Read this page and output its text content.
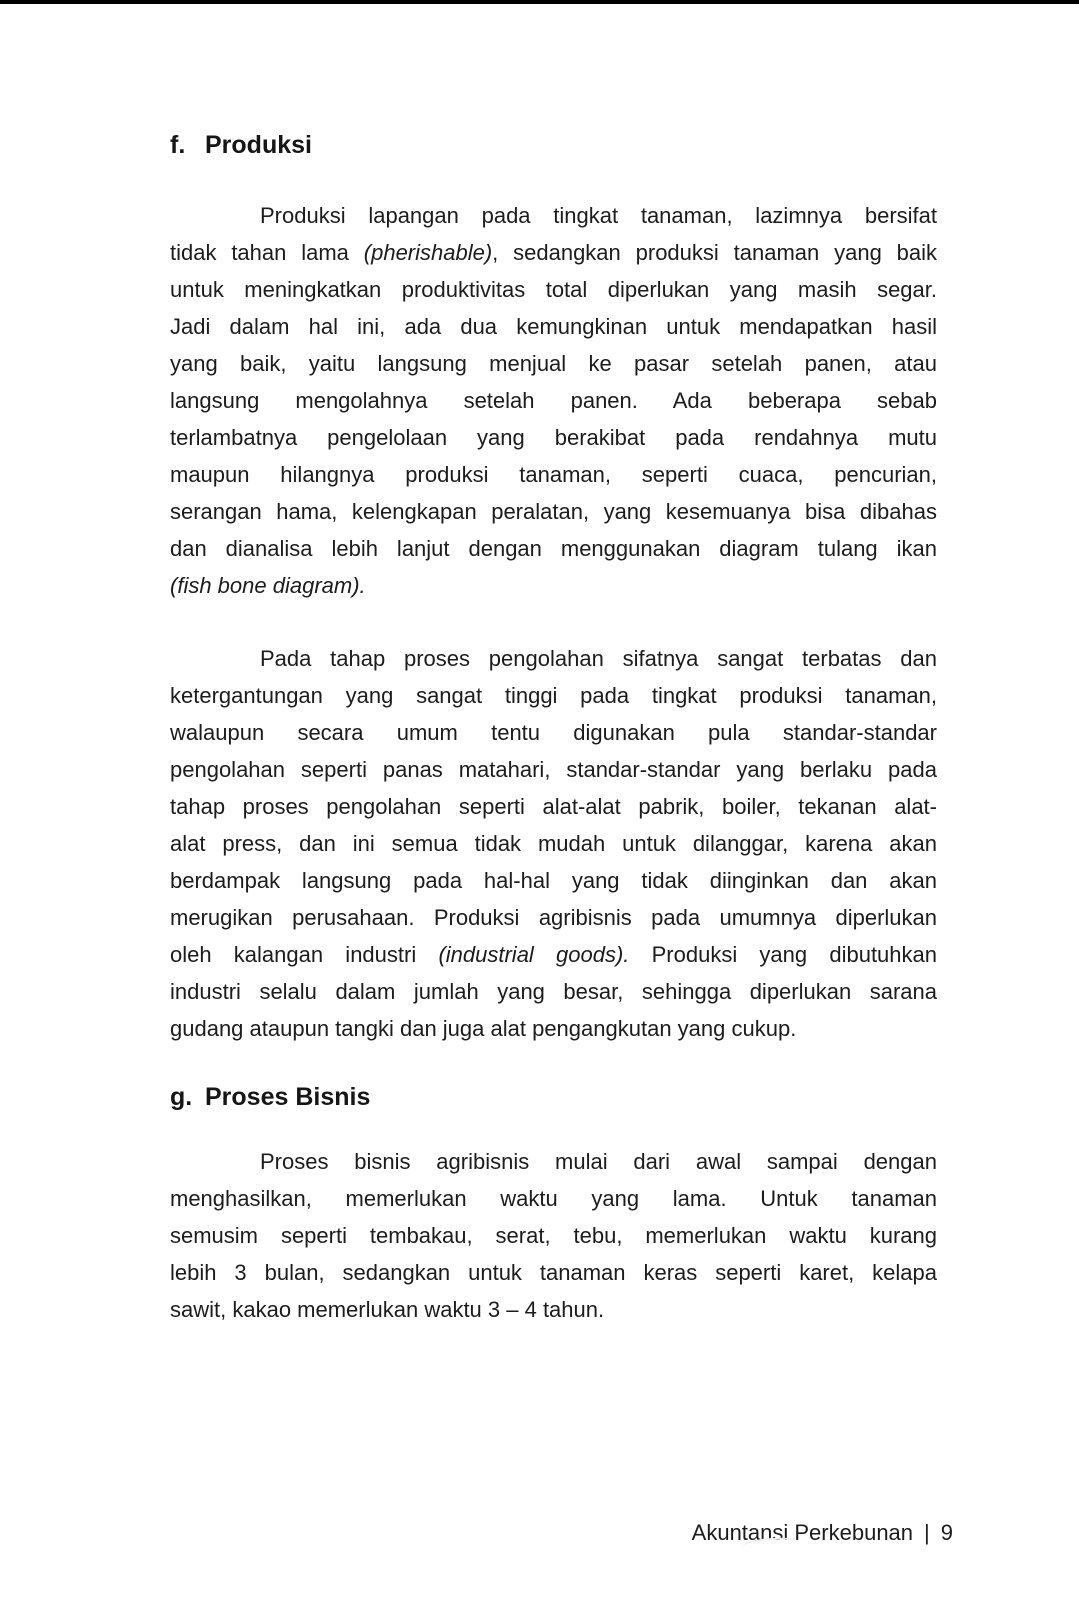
f. Produksi
Produksi lapangan pada tingkat tanaman, lazimnya bersifat
tidak tahan lama (pherishable), sedangkan produksi tanaman yang baik
untuk meningkatkan produktivitas total diperlukan yang masih segar.
Jadi dalam hal ini, ada dua kemungkinan untuk mendapatkan hasil
yang baik, yaitu langsung menjual ke pasar setelah panen, atau
langsung mengolahnya setelah panen. Ada beberapa sebab
terlambatnya pengelolaan yang berakibat pada rendahnya mutu
maupun hilangnya produksi tanaman, seperti cuaca, pencurian,
serangan hama, kelengkapan peralatan, yang kesemuanya bisa dibahas
dan dianalisa lebih lanjut dengan menggunakan diagram tulang ikan
(fish bone diagram).
Pada tahap proses pengolahan sifatnya sangat terbatas dan
ketergantungan yang sangat tinggi pada tingkat produksi tanaman,
walaupun secara umum tentu digunakan pula standar-standar
pengolahan seperti panas matahari, standar-standar yang berlaku pada
tahap proses pengolahan seperti alat-alat pabrik, boiler, tekanan alat-
alat press, dan ini semua tidak mudah untuk dilanggar, karena akan
berdampak langsung pada hal-hal yang tidak diinginkan dan akan
merugikan perusahaan. Produksi agribisnis pada umumnya diperlukan
oleh kalangan industri (industrial goods). Produksi yang dibutuhkan
industri selalu dalam jumlah yang besar, sehingga diperlukan sarana
gudang ataupun tangki dan juga alat pengangkutan yang cukup.
g. Proses Bisnis
Proses bisnis agribisnis mulai dari awal sampai dengan
menghasilkan, memerlukan waktu yang lama. Untuk tanaman
semusim seperti tembakau, serat, tebu, memerlukan waktu kurang
lebih 3 bulan, sedangkan untuk tanaman keras seperti karet, kelapa
sawit, kakao memerlukan waktu 3 – 4 tahun.
Akuntansi Perkebunan | 9
